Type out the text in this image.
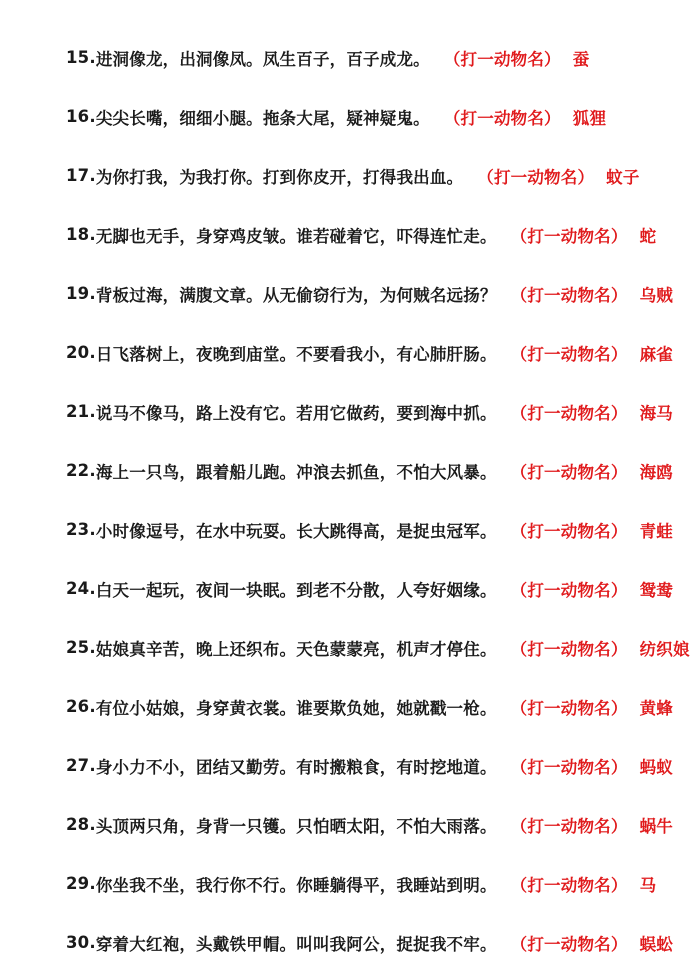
15. 进洞像龙，出洞像凤。凤生百子，百子成龙。 （打一动物名） 蚕
16. 尖尖长嘴，细细小腿。拖条大尾，疑神疑鬼。 （打一动物名） 狐狸
17. 为你打我，为我打你。打到你皮开，打得我出血。 （打一动物名） 蚊子
18. 无脚也无手，身穿鸡皮皱。谁若碰着它，吓得连忙走。 （打一动物名） 蛇
19. 背板过海，满腹文章。从无偷窃行为，为何贼名远扬？ （打一动物名） 乌贼
20. 日飞落树上，夜晚到庙堂。不要看我小，有心肺肝肠。 （打一动物名） 麻雀
21. 说马不像马，路上没有它。若用它做药，要到海中抓。 （打一动物名） 海马
22. 海上一只鸟，跟着船儿跑。冲浪去抓鱼，不怕大风暴。 （打一动物名） 海鸥
23. 小时像逗号，在水中玩耍。长大跳得高，是捉虫冠军。 （打一动物名） 青蛙
24. 白天一起玩，夜间一块眠。到老不分散，人夸好姻缘。 （打一动物名） 鸳鸯
25. 姑娘真辛苦，晚上还织布。天色蒙蒙亮，机声才停住。 （打一动物名） 纺织娘
26. 有位小姑娘，身穿黄衣裳。谁要欺负她，她就戳一枪。 （打一动物名） 黄蜂
27. 身小力不小，团结又勤劳。有时搬粮食，有时挖地道。 （打一动物名） 蚂蚁
28. 头顶两只角，身背一只镬。只怕晒太阳，不怕大雨落。 （打一动物名） 蜗牛
29. 你坐我不坐，我行你不行。你睡躺得平，我睡站到明。 （打一动物名） 马
30. 穿着大红袍，头戴铁甲帽。叫叫我阿公，捉捉我不牢。 （打一动物名） 蜈蚣
